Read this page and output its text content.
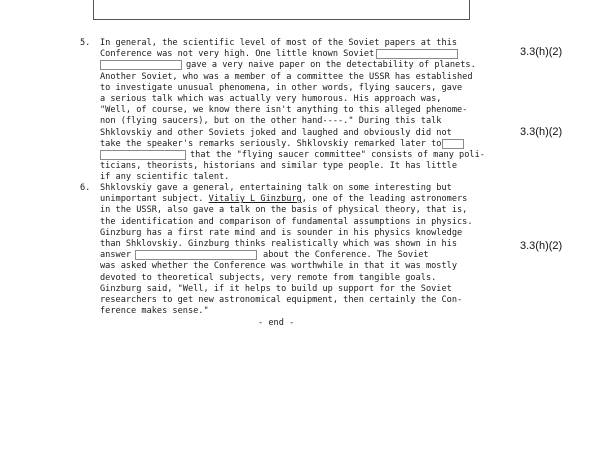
5. In general, the scientific level of most of the Soviet papers at this
Conference was not very high. One little known Soviet
gave a very naive paper on the detectability of planets.
Another Soviet, who was a member of a committee the USSR has established
to investigate unusual phenomena, in other words, flying saucers, gave
a serious talk which was actually very humorous. His approach was,
"Well, of course, we know there isn't anything to this alleged phenome-
non (flying saucers), but on the other hand----." During this talk
Shklovskiy and other Soviets joked and laughed and obviously did not
take the speaker's remarks seriously. Shklovskiy remarked later to
that the "flying saucer committee" consists of many poli-
ticians, theorists, historians and similar type people. It has little
if any scientific talent.
6. Shklovskiy gave a general, entertaining talk on some interesting but
unimportant subject. Vitaliy L Ginzburg, one of the leading astronomers
in the USSR, also gave a talk on the basis of physical theory, that is,
the identification and comparison of fundamental assumptions in physics.
Ginzburg has a first rate mind and is sounder in his physics knowledge
than Shklovskiy. Ginzburg thinks realistically which was shown in his
answer	about the Conference. The Soviet
was asked whether the Conference was worthwhile in that it was mostly
devoted to theoretical subjects, very remote from tangible goals.
Ginzburg said, "Well, if it helps to build up support for the Soviet
researchers to get new astronomical equipment, then certainly the Con-
ference makes sense."
3.3(h)(2)
3.3(h)(2)
3.3(h)(2)
- end -
